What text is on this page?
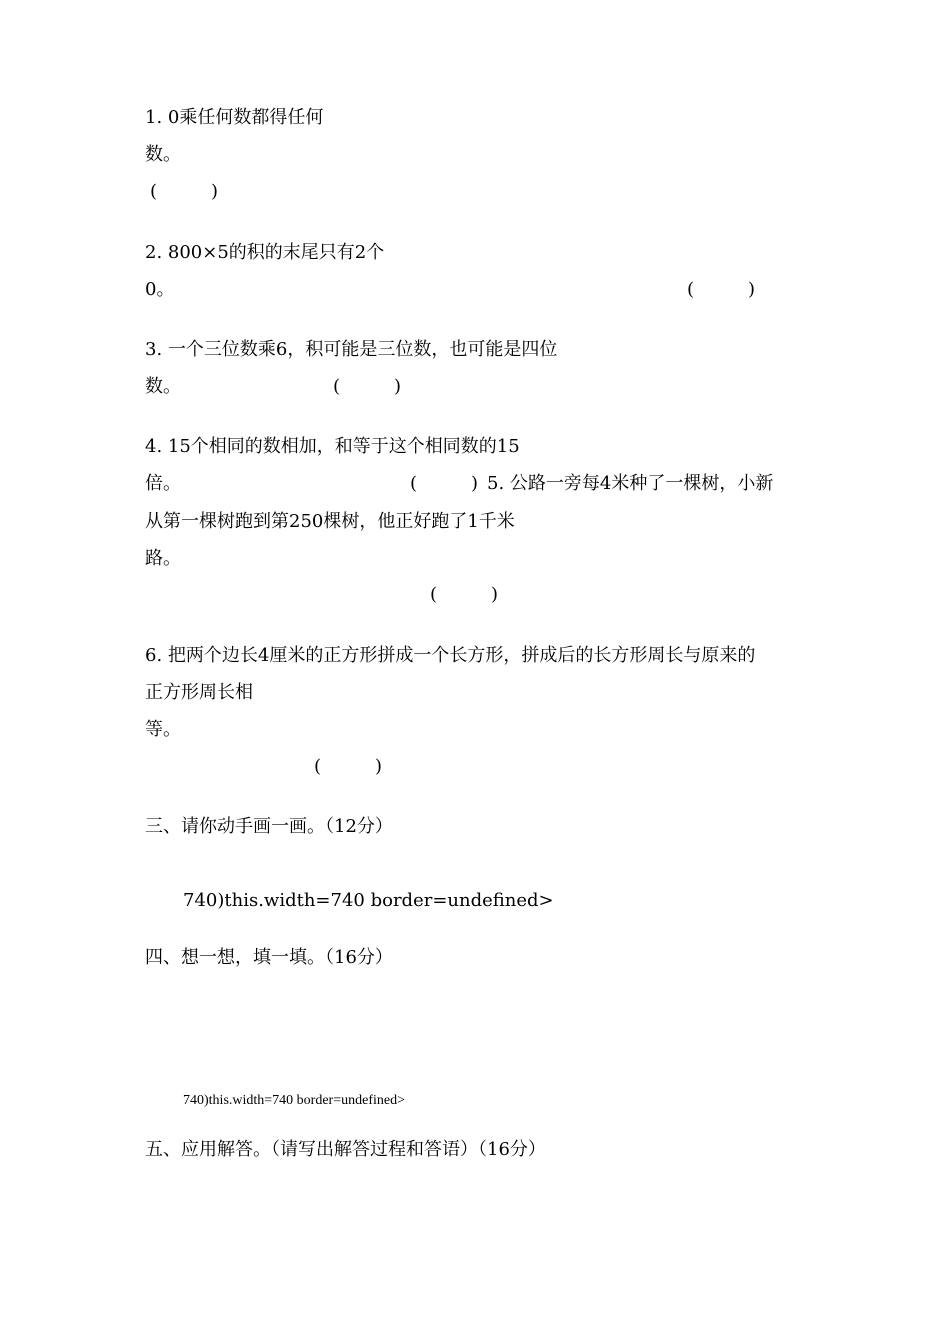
1. 0乘任何数都得任何
数。
(　　　)
2. 800×5的积的末尾只有2个
0。	(　　　)
3. 一个三位数乘6，积可能是三位数，也可能是四位
数。	(　　　)
4. 15个相同的数相加，和等于这个相同数的15
倍。	(　　　) 5. 公路一旁每4米种了一棵树，小新
从第一棵树跑到第250棵树，他正好跑了1千米
路。
(　　　)
6. 把两个边长4厘米的正方形拼成一个长方形，拼成后的长方形周长与原来的
正方形周长相
等。
(　　　)
三、请你动手画一画。（12分）
740)this.width=740 border=undefined>
四、想一想，填一填。（16分）
740)this.width=740 border=undefined>
五、应用解答。（请写出解答过程和答语）（16分）
